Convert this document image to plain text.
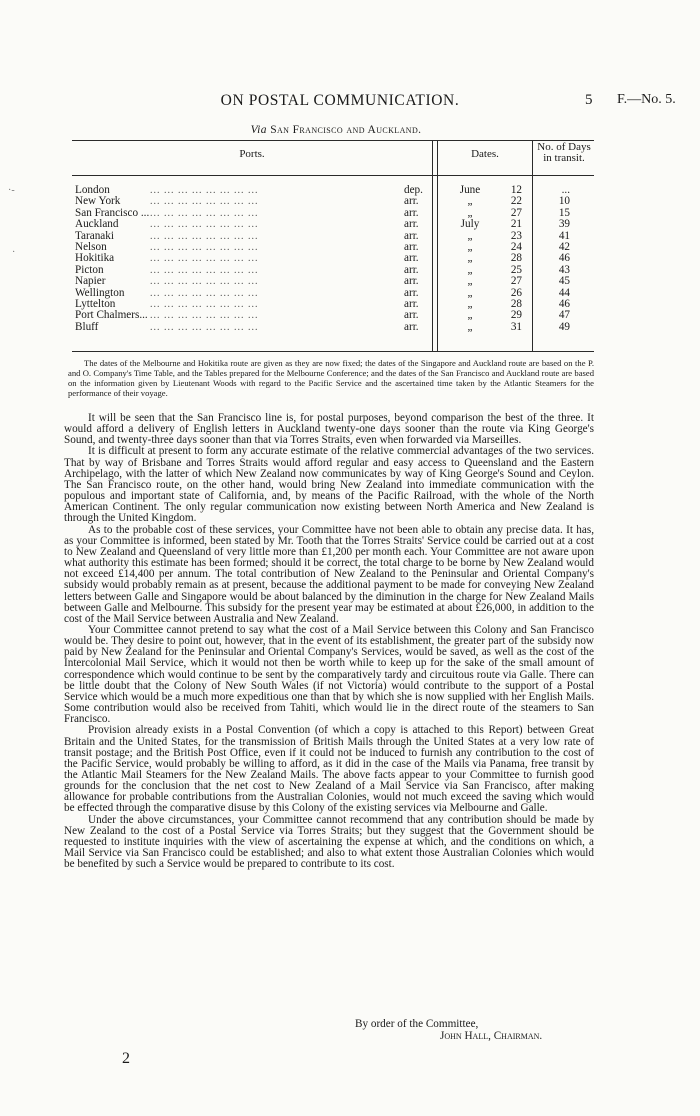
ON POSTAL COMMUNICATION.	5 F.—No. 5.
Via San Francisco and Auckland.
Ports.	Dates.
No. of Days in transit.
... ... ... ... ... ... ... ...
London	dep.	June	12	...
... ... ... ... ... ... ... ...
New York	arr.	„	22	10
... ... ... ... ... ... ... ...
San Francisco ...	arr.	„	27	15
... ... ... ... ... ... ... ...
Auckland	arr.	July	21	39
... ... ... ... ... ... ... ...
Taranaki	arr.	„	23	41
... ... ... ... ... ... ... ...
Nelson	arr.	„	24	42
... ... ... ... ... ... ... ...
Hokitika	arr.	„	28	46
... ... ... ... ... ... ... ...
Picton	arr.	„	25	43
... ... ... ... ... ... ... ...
Napier	arr.	„	27	45
... ... ... ... ... ... ... ...
Wellington	arr.	„	26	44
... ... ... ... ... ... ... ...
Lyttelton	arr.	„	28	46
... ... ... ... ... ... ... ...
Port Chalmers...	arr.	„	29	47
... ... ... ... ... ... ... ...
Bluff	arr.	„	31	49
The dates of the Melbourne and Hokitika route are given as they are now fixed; the dates of the Singapore and Auckland route are based on the P. and O. Company's Time Table, and the Tables prepared for the Melbourne Conference; and the dates of the San Francisco and Auckland route are based on the information given by Lieutenant Woods with regard to the Pacific Service and the ascertained time taken by the Atlantic Steamers for the performance of their voyage.

It will be seen that the San Francisco line is, for postal purposes, beyond comparison the best of the three. It would afford a delivery of English letters in Auckland twenty-one days sooner than the route via King George's Sound, and twenty-three days sooner than that via Torres Straits, even when forwarded via Marseilles.

It is difficult at present to form any accurate estimate of the relative commercial advantages of the two services. That by way of Brisbane and Torres Straits would afford regular and easy access to Queensland and the Eastern Archipelago, with the latter of which New Zealand now communicates by way of King George's Sound and Ceylon. The San Francisco route, on the other hand, would bring New Zealand into immediate communication with the populous and important state of California, and, by means of the Pacific Railroad, with the whole of the North American Continent. The only regular communication now existing between North America and New Zealand is through the United Kingdom.

As to the probable cost of these services, your Committee have not been able to obtain any precise data. It has, as your Committee is informed, been stated by Mr. Tooth that the Torres Straits' Service could be carried out at a cost to New Zealand and Queensland of very little more than £1,200 per month each. Your Committee are not aware upon what authority this estimate has been formed; should it be correct, the total charge to be borne by New Zealand would not exceed £14,400 per annum. The total contribution of New Zealand to the Peninsular and Oriental Company's subsidy would probably remain as at present, because the additional payment to be made for conveying New Zealand letters between Galle and Singapore would be about balanced by the diminution in the charge for New Zealand Mails between Galle and Melbourne. This subsidy for the present year may be estimated at about £26,000, in addition to the cost of the Mail Service between Australia and New Zealand.

Your Committee cannot pretend to say what the cost of a Mail Service between this Colony and San Francisco would be. They desire to point out, however, that in the event of its establishment, the greater part of the subsidy now paid by New Zealand for the Peninsular and Oriental Company's Services, would be saved, as well as the cost of the Intercolonial Mail Service, which it would not then be worth while to keep up for the sake of the small amount of correspondence which would continue to be sent by the comparatively tardy and circuitous route via Galle. There can be little doubt that the Colony of New South Wales (if not Victoria) would contribute to the support of a Postal Service which would be a much more expeditious one than that by which she is now supplied with her English Mails. Some contribution would also be received from Tahiti, which would lie in the direct route of the steamers to San Francisco.

Provision already exists in a Postal Convention (of which a copy is attached to this Report) between Great Britain and the United States, for the transmission of British Mails through the United States at a very low rate of transit postage; and the British Post Office, even if it could not be induced to furnish any contribution to the cost of the Pacific Service, would probably be willing to afford, as it did in the case of the Mails via Panama, free transit by the Atlantic Mail Steamers for the New Zealand Mails. The above facts appear to your Committee to furnish good grounds for the conclusion that the net cost to New Zealand of a Mail Service via San Francisco, after making allowance for probable contributions from the Australian Colonies, would not much exceed the saving which would be effected through the comparative disuse by this Colony of the existing services via Melbourne and Galle.

Under the above circumstances, your Committee cannot recommend that any contribution should be made by New Zealand to the cost of a Postal Service via Torres Straits; but they suggest that the Government should be requested to institute inquiries with the view of ascertaining the expense at which, and the conditions on which, a Mail Service via San Francisco could be established; and also to what extent those Australian Colonies which would be benefited by such a Service would be prepared to contribute to its cost.

By order of the Committee,
John Hall, Chairman.
2
·-
·
